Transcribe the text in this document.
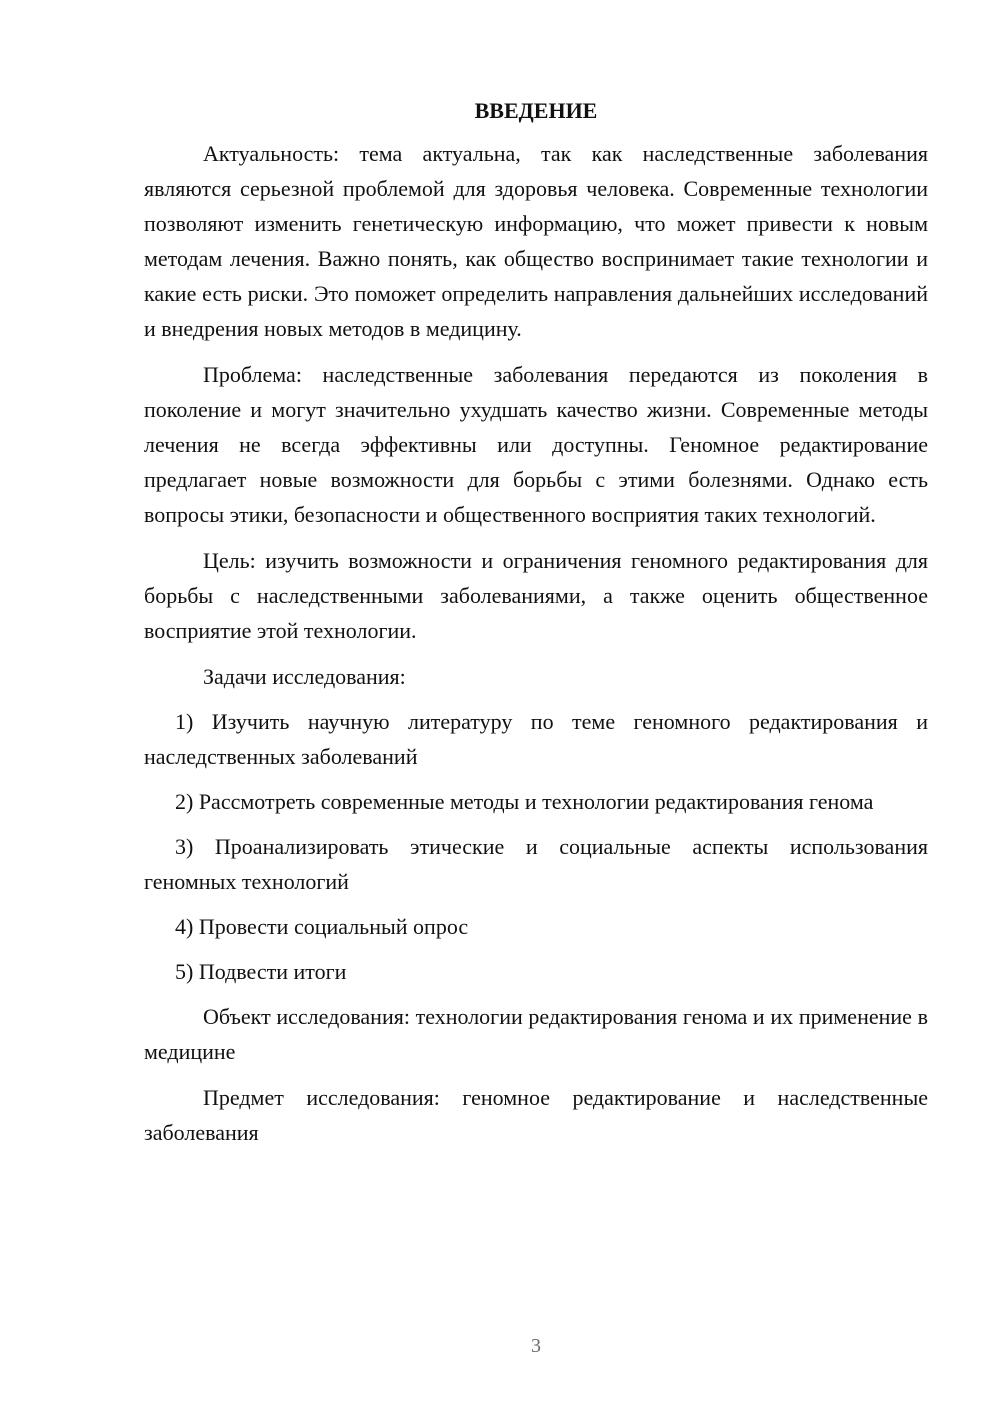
ВВЕДЕНИЕ

Актуальность: тема актуальна, так как наследственные заболевания являются серьезной проблемой для здоровья человека. Современные технологии позволяют изменить генетическую информацию, что может привести к новым методам лечения. Важно понять, как общество воспринимает такие технологии и какие есть риски. Это поможет определить направления дальнейших исследований и внедрения новых методов в медицину.

Проблема: наследственные заболевания передаются из поколения в поколение и могут значительно ухудшать качество жизни. Современные методы лечения не всегда эффективны или доступны. Геномное редактирование предлагает новые возможности для борьбы с этими болезнями. Однако есть вопросы этики, безопасности и общественного восприятия таких технологий.

Цель: изучить возможности и ограничения геномного редактирования для борьбы с наследственными заболеваниями, а также оценить общественное восприятие этой технологии.

Задачи исследования:

1) Изучить научную литературу по теме геномного редактирования и наследственных заболеваний

2) Рассмотреть современные методы и технологии редактирования генома

3) Проанализировать этические и социальные аспекты использования геномных технологий

4) Провести социальный опрос

5) Подвести итоги

Объект исследования: технологии редактирования генома и их применение в медицине

Предмет исследования: геномное редактирование и наследственные заболевания

3
